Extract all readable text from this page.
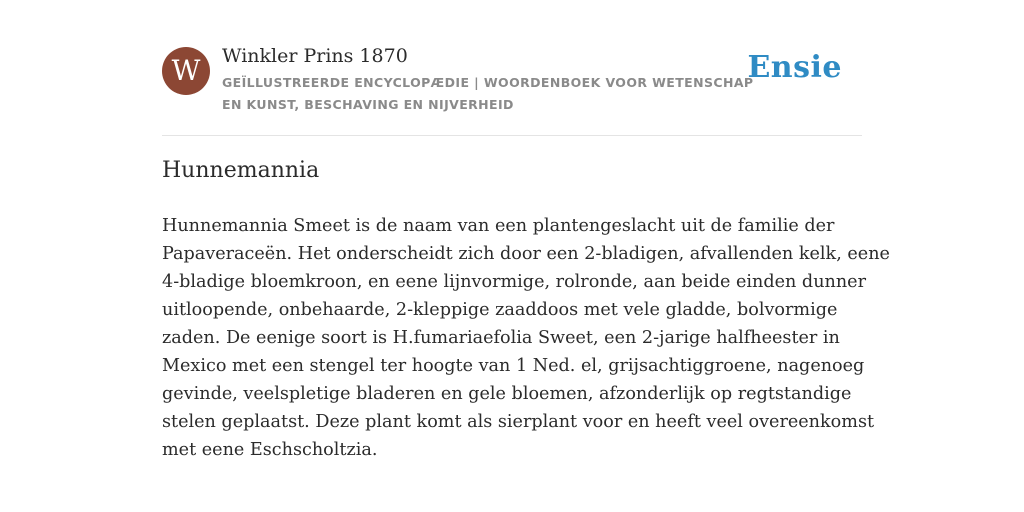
W	Winkler Prins 1870
GEÏLLUSTREERDE ENCYCLOPÆDIE | WOORDENBOEK VOOR WETENSCHAP EN KUNST, BESCHAVING EN NIJVERHEID
Ensie
Hunnemannia

Hunnemannia Smeet is de naam van een plantengeslacht uit de familie der
Papaveraceën. Het onderscheidt zich door een 2-bladigen, afvallenden kelk, eene
4-bladige bloemkroon, en eene lijnvormige, rolronde, aan beide einden dunner
uitloopende, onbehaarde, 2-kleppige zaaddoos met vele gladde, bolvormige
zaden. De eenige soort is H.fumariaefolia Sweet, een 2-jarige halfheester in
Mexico met een stengel ter hoogte van 1 Ned. el, grijsachtiggroene, nagenoeg
gevinde, veelspletige bladeren en gele bloemen, afzonderlijk op regtstandige
stelen geplaatst. Deze plant komt als sierplant voor en heeft veel overeenkomst
met eene Eschscholtzia.
